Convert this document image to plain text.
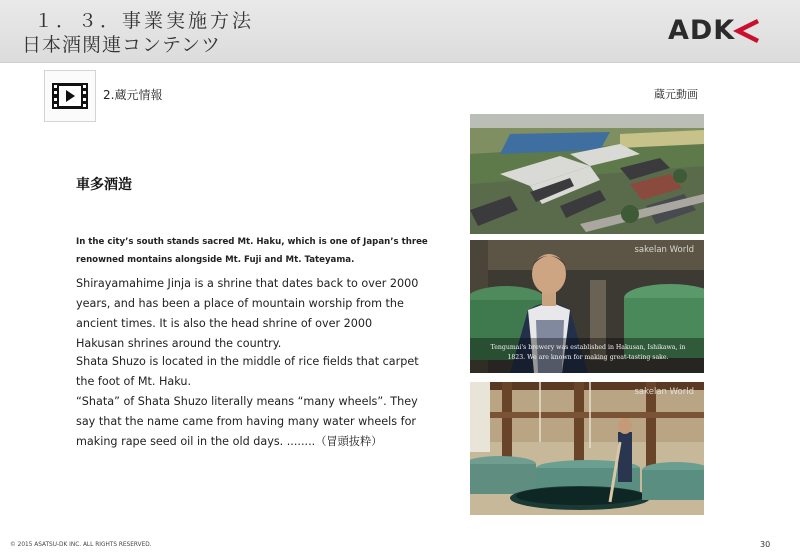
１．３．事業実施方法
日本酒関連コンテンツ	ADK
2.蔵元情報	蔵元動画
車多酒造
In the city’s south stands sacred Mt. Haku, which is one of Japan’s three renowned montains alongside Mt. Fuji and Mt. Tateyama.
Shirayamahime Jinja is a shrine that dates back to over 2000 years, and has been a place of mountain worship from the ancient times. It is also the head shrine of over 2000 Hakusan shrines around the country.
Shata Shuzo is located in the middle of rice fields that carpet the foot of Mt. Haku.
“Shata” of Shata Shuzo literally means “many wheels”. They say that the name came from having many water wheels for making rape seed oil in the old days. ........（冒頭抜粋）
sakelan World
Tengumai's brewery was established in Hakusan, Ishikawa, in 1823. We are known for making great-tasting sake.
sakelan World
© 2015 ASATSU-DK INC. ALL RIGHTS RESERVED.	30
